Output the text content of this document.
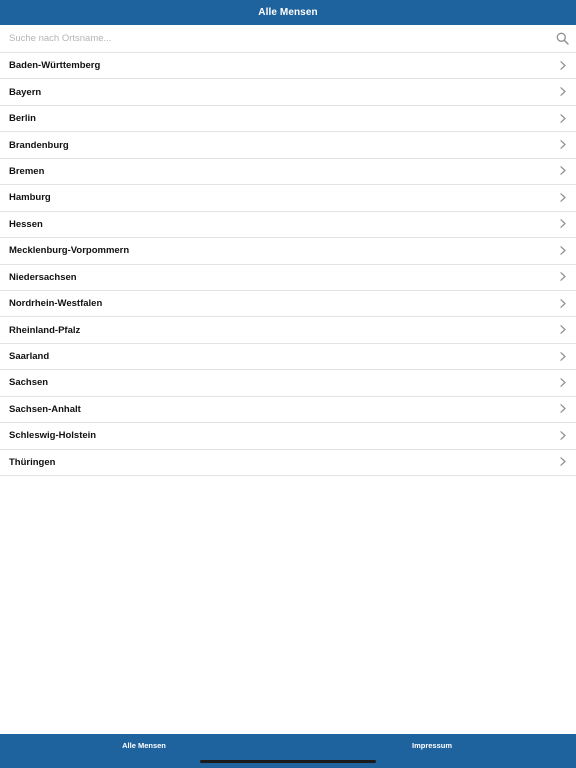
Alle Mensen
Suche nach Ortsname...
Baden-Württemberg
Bayern
Berlin
Brandenburg
Bremen
Hamburg
Hessen
Mecklenburg-Vorpommern
Niedersachsen
Nordrhein-Westfalen
Rheinland-Pfalz
Saarland
Sachsen
Sachsen-Anhalt
Schleswig-Holstein
Thüringen
Alle Mensen	Impressum
